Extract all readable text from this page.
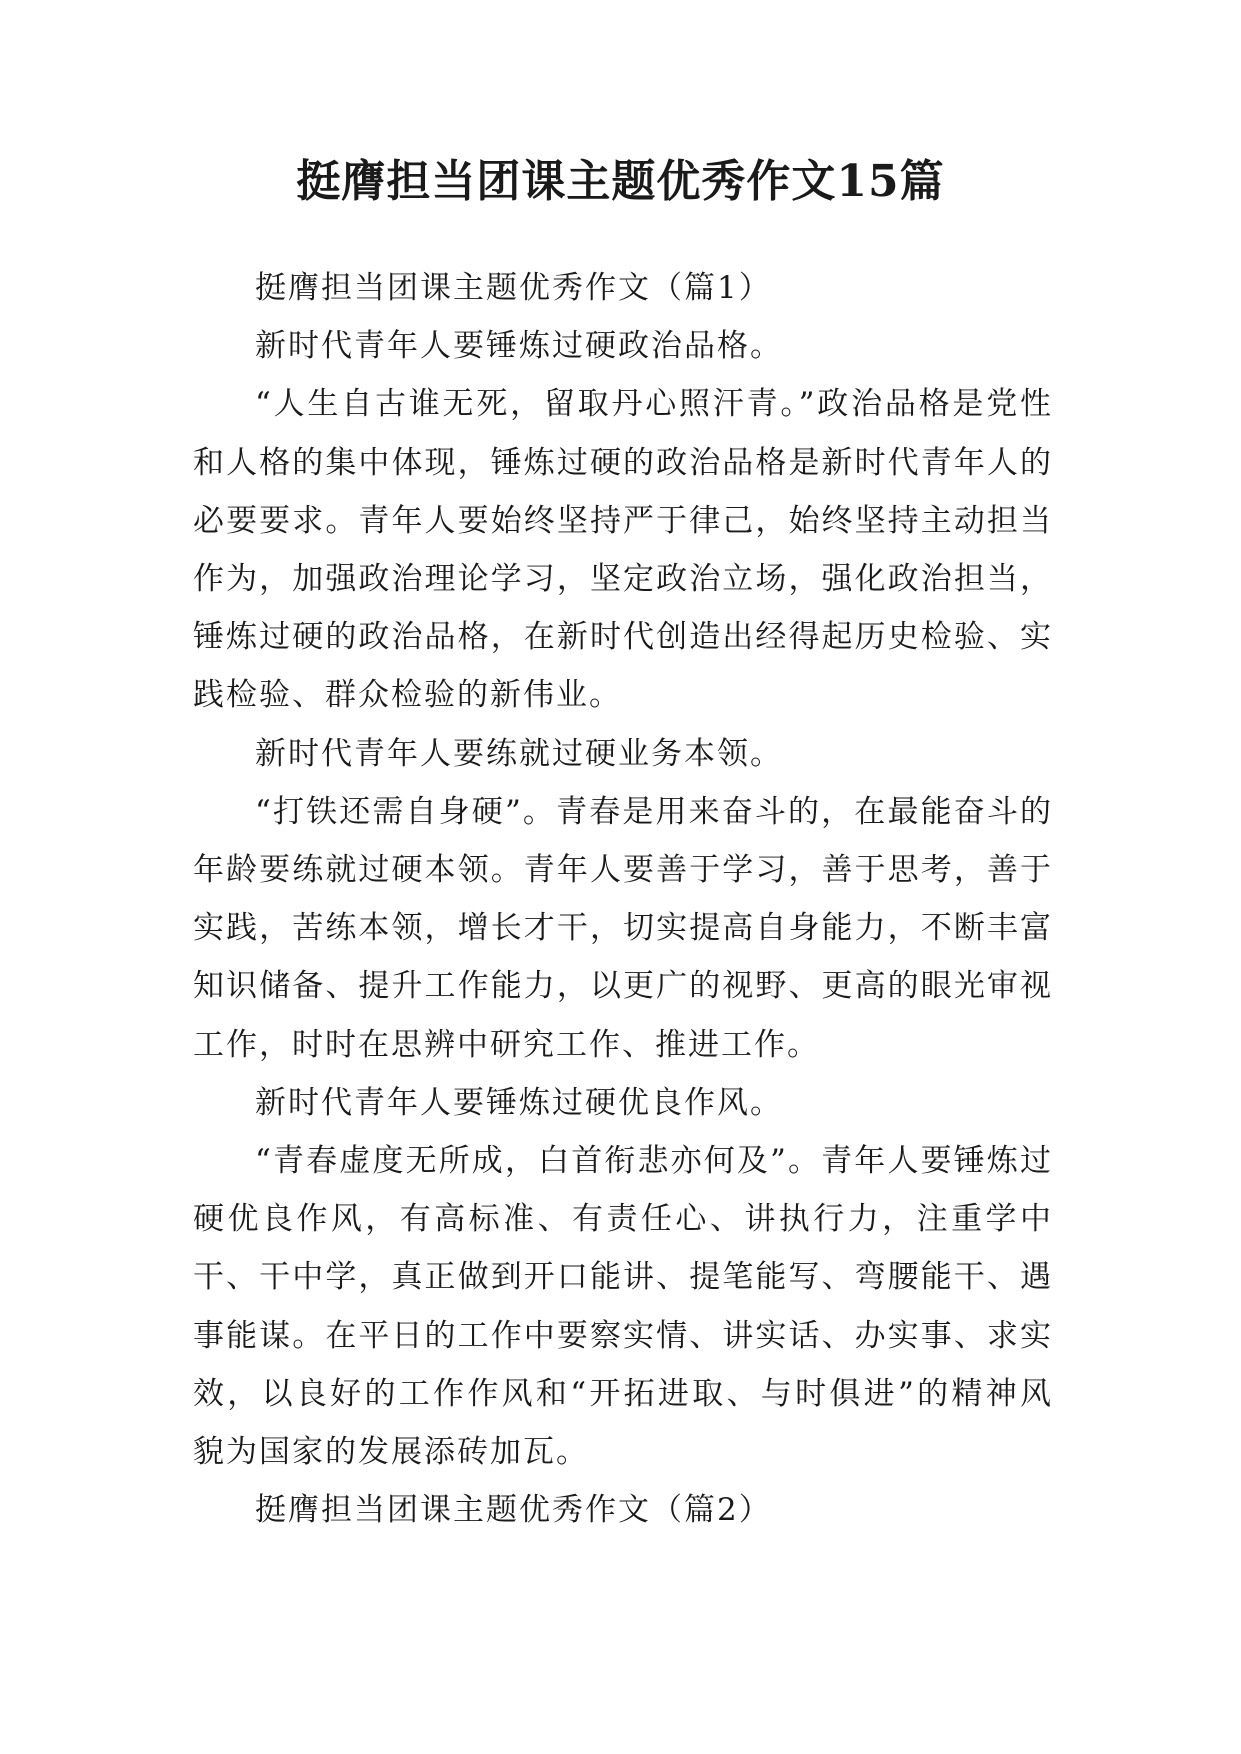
挺膺担当团课主题优秀作文15篇

挺膺担当团课主题优秀作文（篇1）

新时代青年人要锤炼过硬政治品格。

“人生自古谁无死，留取丹心照汗青。”政治品格是党性和人格的集中体现，锤炼过硬的政治品格是新时代青年人的必要要求。青年人要始终坚持严于律己，始终坚持主动担当作为，加强政治理论学习，坚定政治立场，强化政治担当，锤炼过硬的政治品格，在新时代创造出经得起历史检验、实践检验、群众检验的新伟业。

新时代青年人要练就过硬业务本领。

“打铁还需自身硬”。青春是用来奋斗的，在最能奋斗的年龄要练就过硬本领。青年人要善于学习，善于思考，善于实践，苦练本领，增长才干，切实提高自身能力，不断丰富知识储备、提升工作能力，以更广的视野、更高的眼光审视工作，时时在思辨中研究工作、推进工作。

新时代青年人要锤炼过硬优良作风。

“青春虚度无所成，白首衔悲亦何及”。青年人要锤炼过硬优良作风，有高标准、有责任心、讲执行力，注重学中干、干中学，真正做到开口能讲、提笔能写、弯腰能干、遇事能谋。在平日的工作中要察实情、讲实话、办实事、求实效，以良好的工作作风和“开拓进取、与时俱进”的精神风貌为国家的发展添砖加瓦。

挺膺担当团课主题优秀作文（篇2）
